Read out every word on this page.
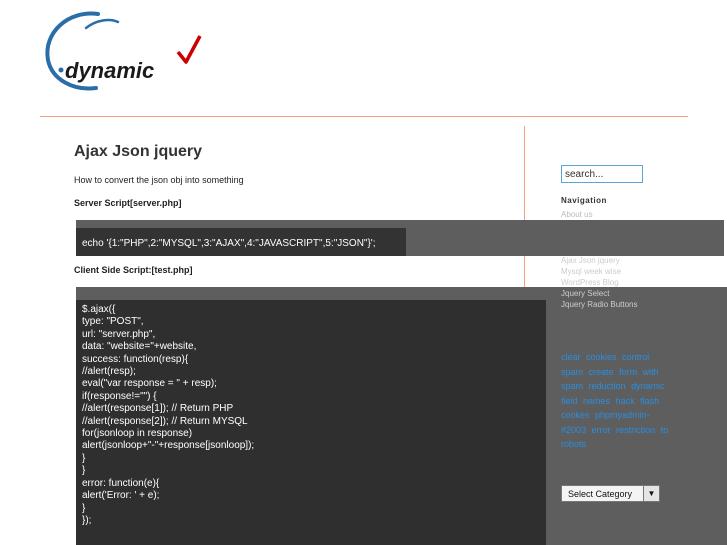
dynamic
Ajax Json jquery
How to convert the json obj into something
Server Script[server.php]
echo '{1:"PHP",2:"MYSQL",3:"AJAX",4:"JAVASCRIPT",5:"JSON"}';
Client Side Script:[test.php]
$.ajax({
type: "POST",
url: "server.php",
data: "website="+website,
success: function(resp){
//alert(resp);
eval("var response = " + resp);
if(response!="") {
//alert(response[1]); // Return PHP
//alert(response[2]); // Return MYSQL
for(jsonloop in response)
alert(jsonloop+"-"+response[jsonloop]);
}
}
error: function(e){
alert('Error: ' + e);
}
});

search...
Navigation
About us
Ajax Json jquery
Mysql week wise
WordPress Blog
Jquery Select
Jquery Radio Buttons
clear cookies control spam create form with spam reduction dynamic field names hack flash cookes phpmyadmin- #2003 error restriction to robots
Select Category	▼
